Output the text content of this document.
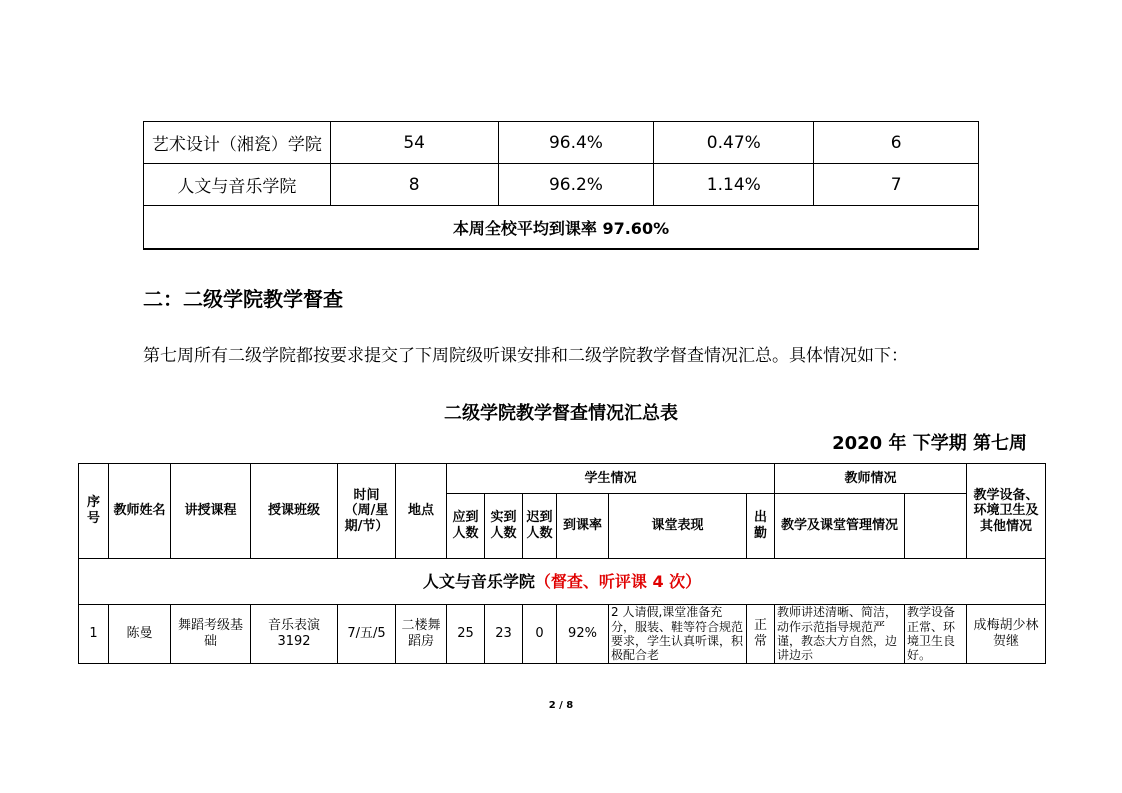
艺术设计（湘瓷）学院	54	96.4%	0.47%	6
人文与音乐学院	8	96.2%	1.14%	7
本周全校平均到课率 97.60%				
二：二级学院教学督查
第七周所有二级学院都按要求提交了下周院级听课安排和二级学院教学督查情况汇总。具体情况如下：
二级学院教学督查情况汇总表
2020 年 下学期 第七周
序号	教师姓名	讲授课程	授课班级	时间（周/星期/节）	地点	学生情况						教师情况		教学设备、环境卫生及其他情况	
						应到人数	实到人数	迟到人数	到课率	课堂表现	出勤	教学及课堂管理情况			
人文与音乐学院（督查、听评课 4 次）															
1	陈曼	舞蹈考级基础	音乐表演3192	7/五/5	二楼舞蹈房	25	23	0	92%	2 人请假,课堂准备充分，服装、鞋等符合规范要求，学生认真听课，积极配合老	正常	教师讲述清晰、简洁，动作示范指导规范严谨，教态大方自然，边讲边示	教学设备正常、环境卫生良好。	成梅胡少林贺继	
2 / 8
